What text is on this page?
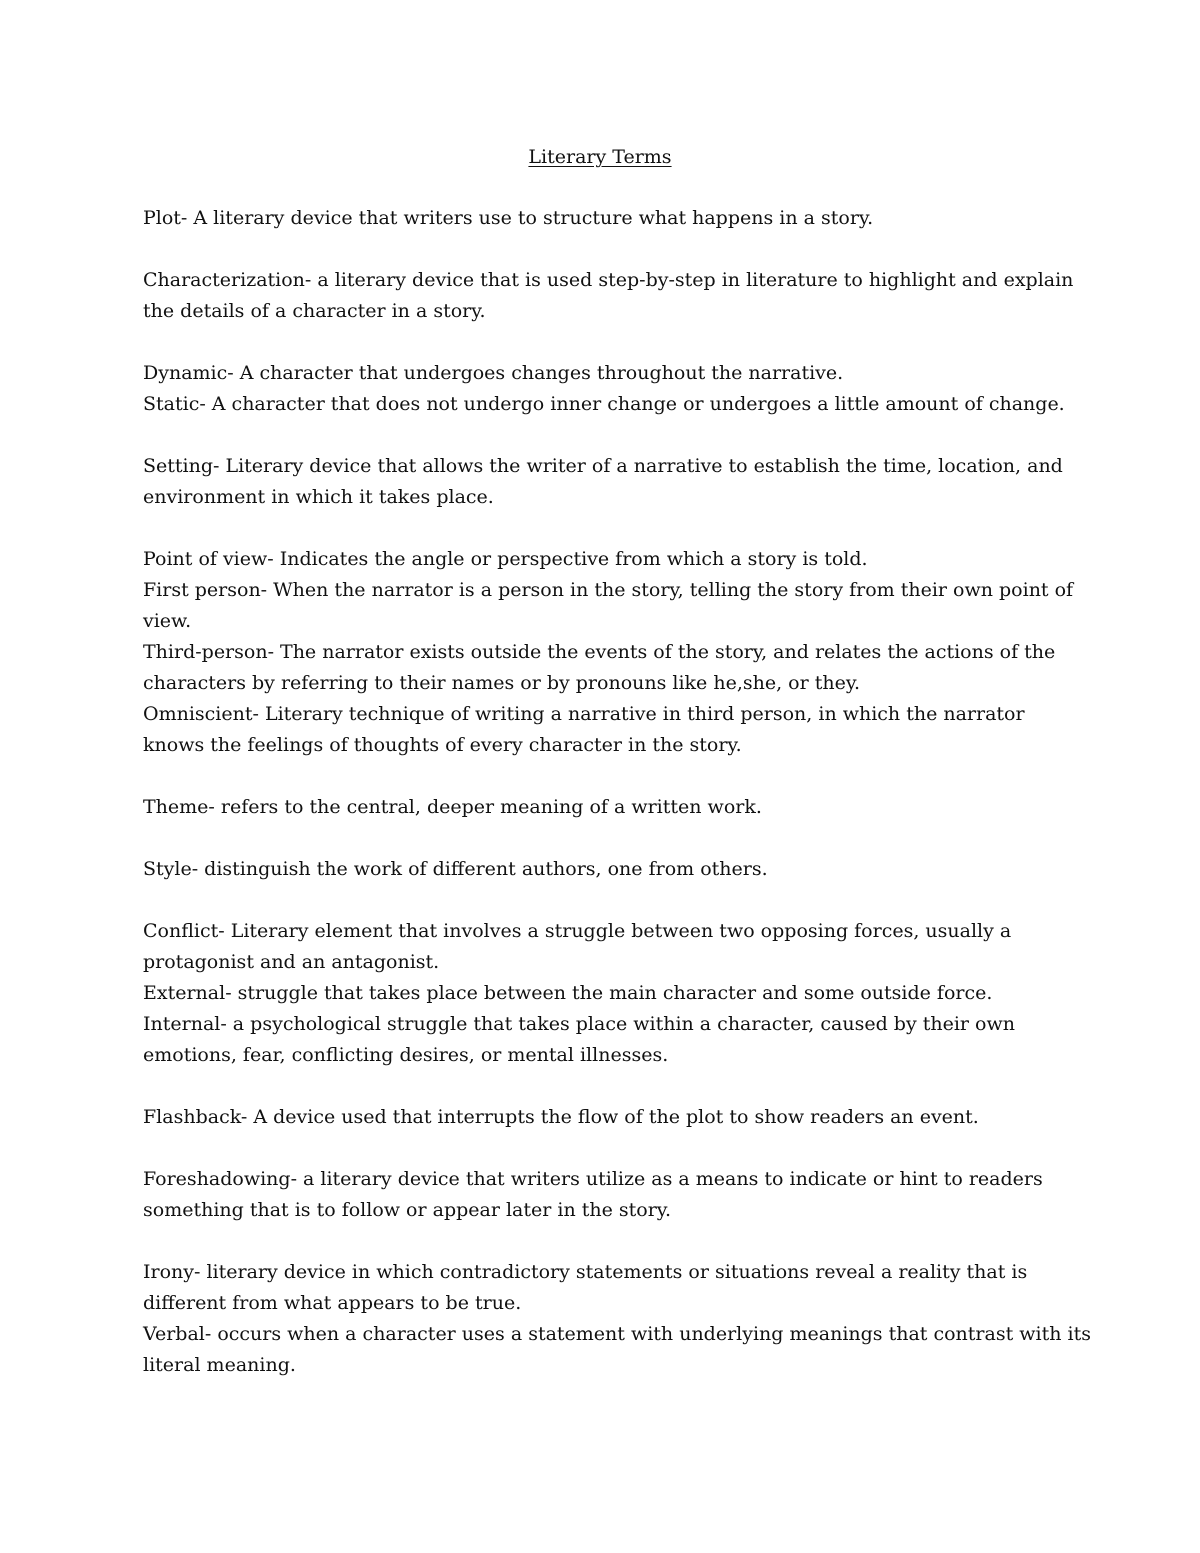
Literary Terms
Plot- A literary device that writers use to structure what happens in a story.
Characterization- a literary device that is used step-by-step in literature to highlight and explain
the details of a character in a story.
Dynamic- A character that undergoes changes throughout the narrative.
Static- A character that does not undergo inner change or undergoes a little amount of change.
Setting- Literary device that allows the writer of a narrative to establish the time, location, and
environment in which it takes place.
Point of view- Indicates the angle or perspective from which a story is told.
First person- When the narrator is a person in the story, telling the story from their own point of
view.
Third-person- The narrator exists outside the events of the story, and relates the actions of the
characters by referring to their names or by pronouns like he,she, or they.
Omniscient- Literary technique of writing a narrative in third person, in which the narrator
knows the feelings of thoughts of every character in the story.
Theme- refers to the central, deeper meaning of a written work.
Style- distinguish the work of different authors, one from others.
Conflict- Literary element that involves a struggle between two opposing forces, usually a
protagonist and an antagonist.
External- struggle that takes place between the main character and some outside force.
Internal- a psychological struggle that takes place within a character, caused by their own
emotions, fear, conflicting desires, or mental illnesses.
Flashback- A device used that interrupts the flow of the plot to show readers an event.
Foreshadowing- a literary device that writers utilize as a means to indicate or hint to readers
something that is to follow or appear later in the story.
Irony- literary device in which contradictory statements or situations reveal a reality that is
different from what appears to be true.
Verbal- occurs when a character uses a statement with underlying meanings that contrast with its
literal meaning.
